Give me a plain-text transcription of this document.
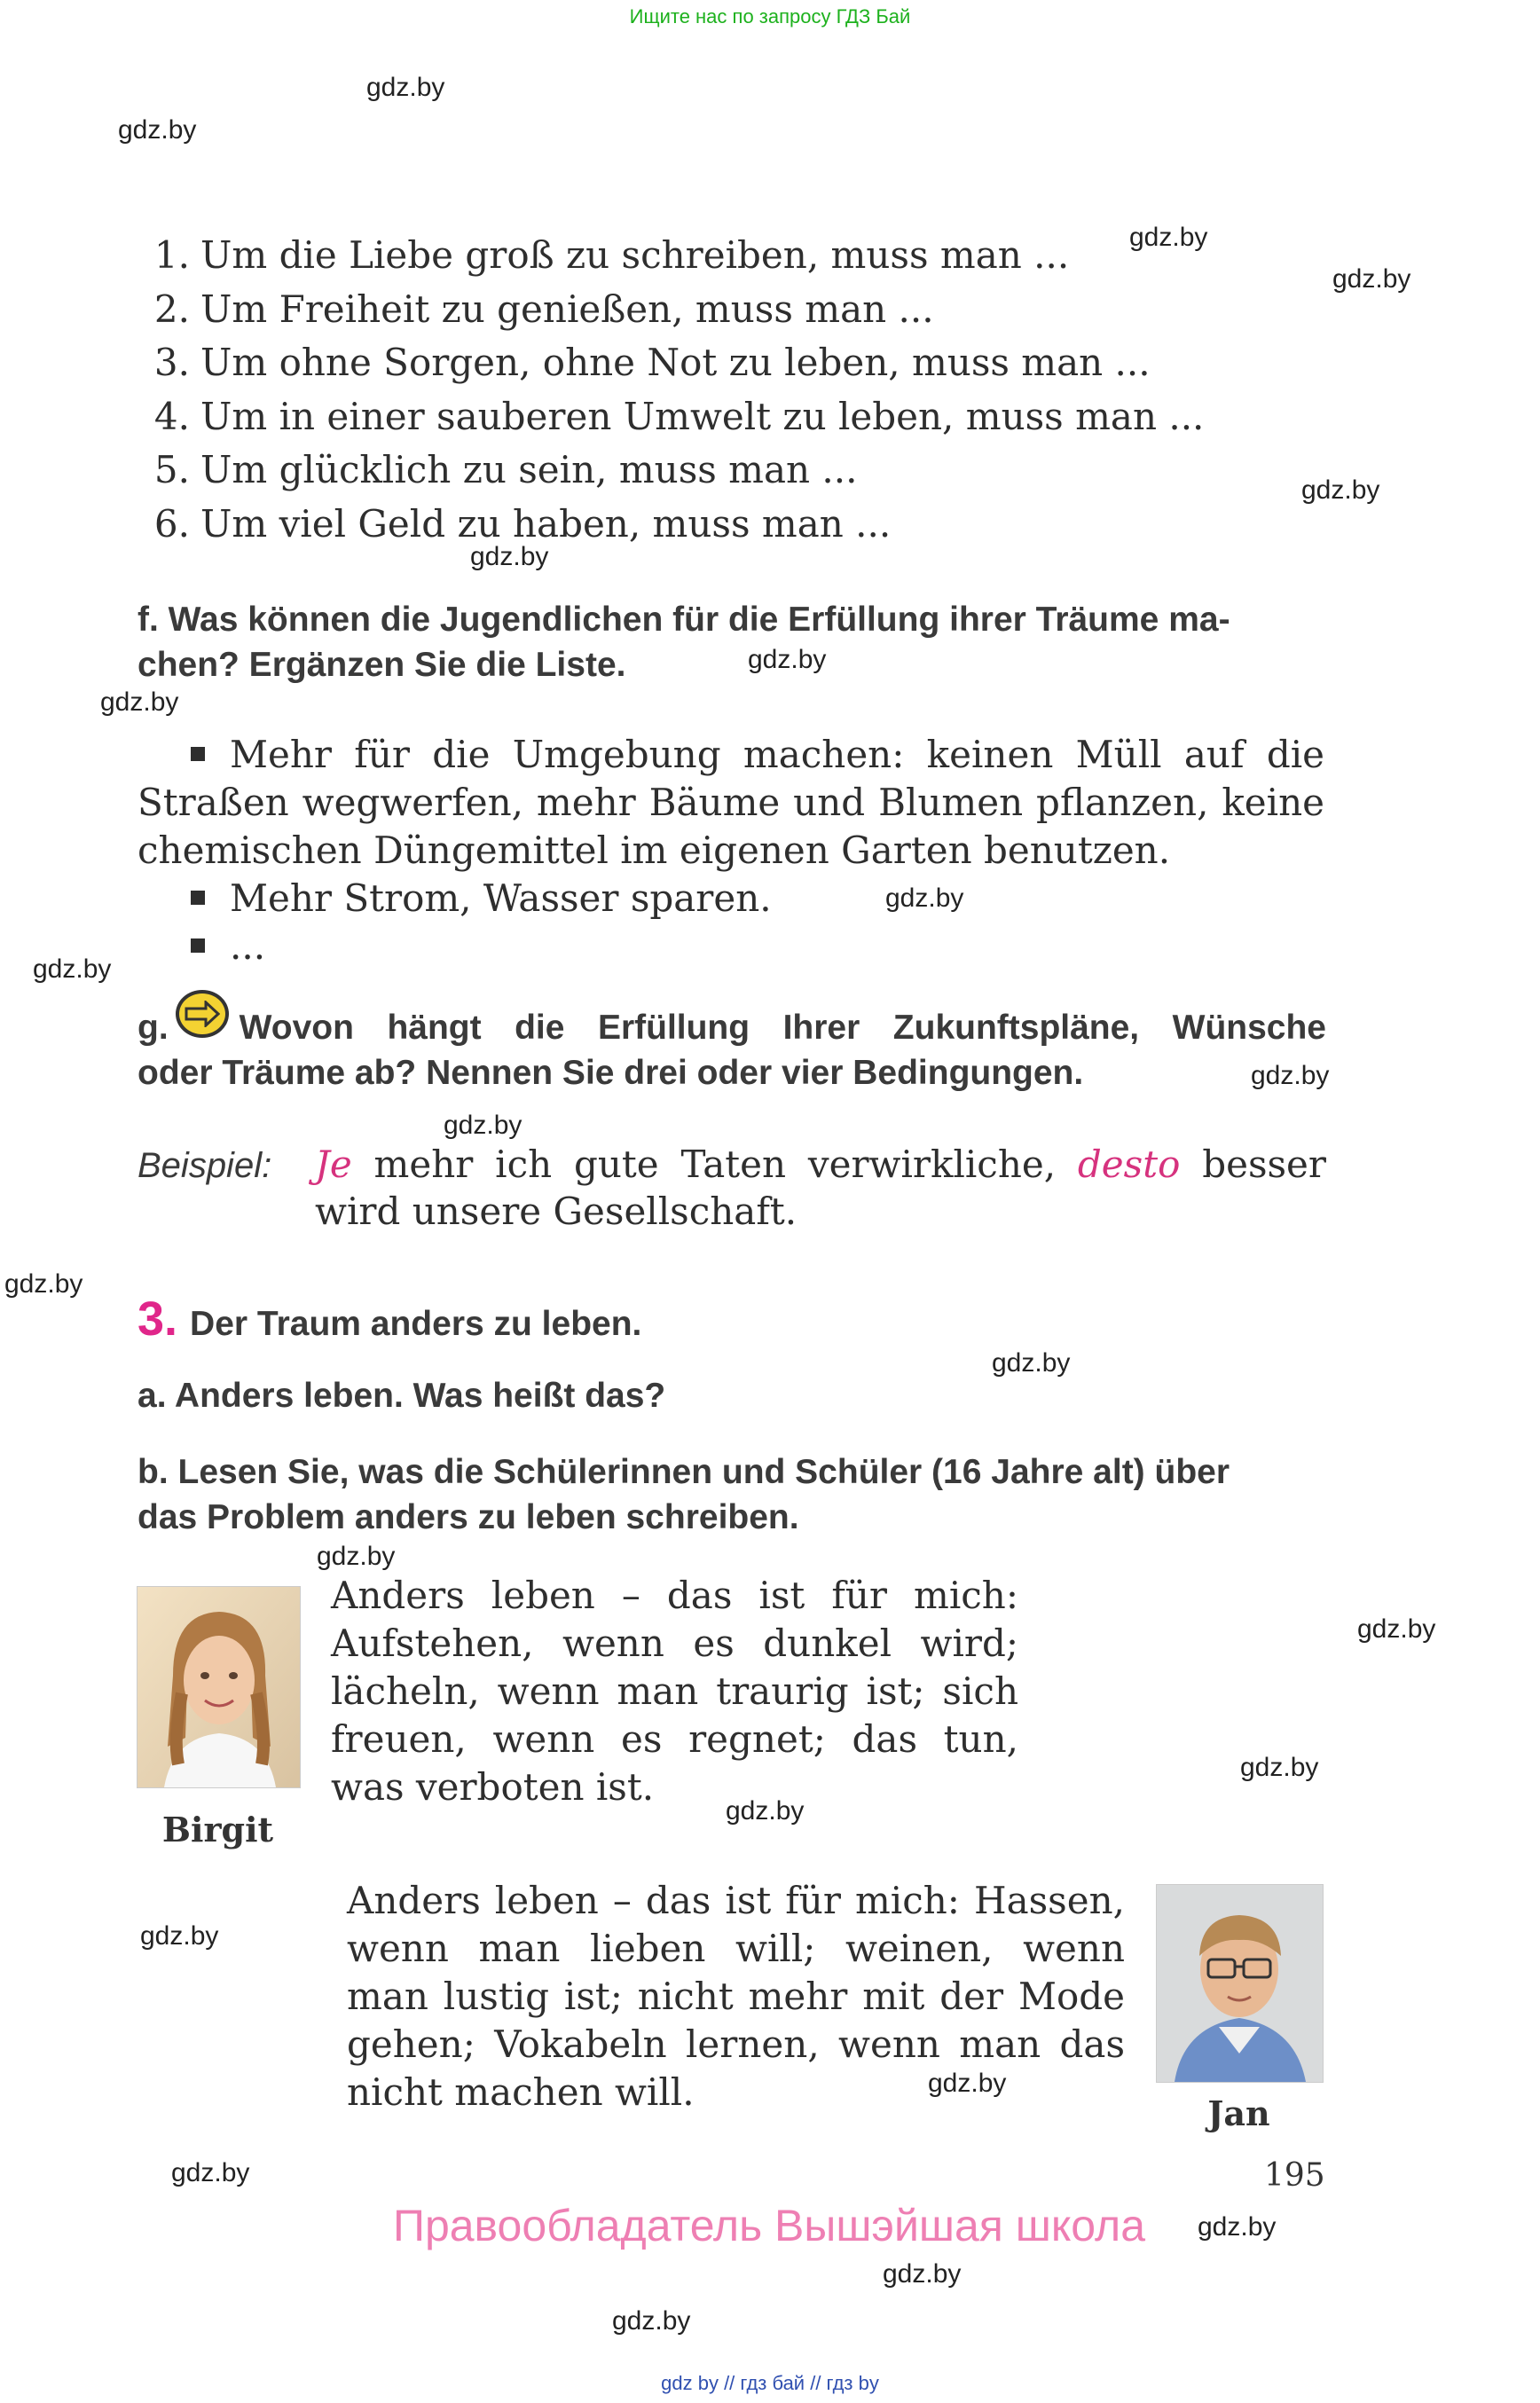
Ищите нас по запросу ГДЗ Бай
gdz.by
gdz.by
gdz.by
gdz.by
gdz.by
gdz.by
gdz.by
gdz.by
gdz.by
gdz.by
gdz.by
gdz.by
gdz.by
gdz.by
gdz.by
gdz.by
gdz.by
gdz.by
gdz.by
gdz.by
gdz.by
gdz.by
gdz.by
gdz.by
1. Um die Liebe groß zu schreiben, muss man ...
2. Um Freiheit zu genießen, muss man ...
3. Um ohne Sorgen, ohne Not zu leben, muss man ...
4. Um in einer sauberen Umwelt zu leben, muss man ...
5. Um glücklich zu sein, muss man ...
6. Um viel Geld zu haben, muss man ...
f. Was können die Jugendlichen für die Erfüllung ihrer Träume ma-
chen? Ergänzen Sie die Liste.
Mehr für die Umgebung machen: keinen Müll auf die Straßen wegwerfen, mehr Bäume und Blumen pflanzen, keine chemischen Düngemittel im eigenen Garten benutzen.
Mehr Strom, Wasser sparen.
...
g. Wovon hängt die Erfüllung Ihrer Zukunftspläne, Wünsche
oder Träume ab? Nennen Sie drei oder vier Bedingungen.
Beispiel:	Je mehr ich gute Taten verwirkliche, desto besser
wird unsere Gesellschaft.
3. Der Traum anders zu leben.
a. Anders leben. Was heißt das?
b. Lesen Sie, was die Schülerinnen und Schüler (16 Jahre alt) über
das Problem anders zu leben schreiben.
Birgit
Anders leben – das ist für mich: Aufstehen, wenn es dunkel wird; lächeln, wenn man traurig ist; sich freuen, wenn es regnet; das tun, was verboten ist.
Anders leben – das ist für mich: Hassen, wenn man lieben will; weinen, wenn man lustig ist; nicht mehr mit der Mode gehen; Vokabeln lernen, wenn man das nicht machen will.	Jan
195
Правообладатель Вышэйшая школа
gdz by // гдз бай // гдз by
